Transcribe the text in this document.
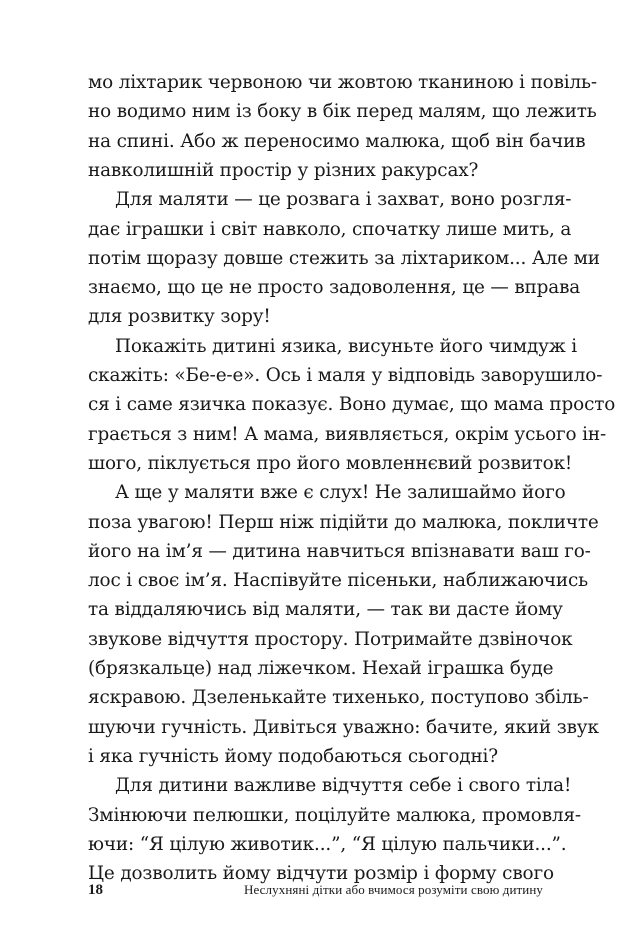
мо ліхтарик червоною чи жовтою тканиною і повіль-
но водимо ним із боку в бік перед малям, що лежить
на спині. Або ж переносимо малюка, щоб він бачив
навколишній простір у різних ракурсах?
Для маляти — це розвага і захват, воно розгля-
дає іграшки і світ навколо, спочатку лише мить, а
потім щоразу довше стежить за ліхтариком... Але ми
знаємо, що це не просто задоволення, це — вправа
для розвитку зору!
Покажіть дитині язика, висуньте його чимдуж і
скажіть: «Бе-е-е». Ось і маля у відповідь заворушило-
ся і саме язичка показує. Воно думає, що мама просто
грається з ним! А мама, виявляється, окрім усього ін-
шого, піклується про його мовленнєвий розвиток!
А ще у маляти вже є слух! Не залишаймо його
поза увагою! Перш ніж підійти до малюка, покличте
його на ім’я — дитина навчиться впізнавати ваш го-
лос і своє ім’я. Наспівуйте пісеньки, наближаючись
та віддаляючись від маляти, — так ви дасте йому
звукове відчуття простору. Потримайте дзвіночок
(брязкальце) над ліжечком. Нехай іграшка буде
яскравою. Дзеленькайте тихенько, поступово збіль-
шуючи гучність. Дивіться уважно: бачите, який звук
і яка гучність йому подобаються сьогодні?
Для дитини важливе відчуття себе і свого тіла!
Змінюючи пелюшки, поцілуйте малюка, промовля-
ючи: “Я цілую животик...”, “Я цілую пальчики...”.
Це дозволить йому відчути розмір і форму свого
18	Неслухняні дітки або вчимося розуміти свою дитину
